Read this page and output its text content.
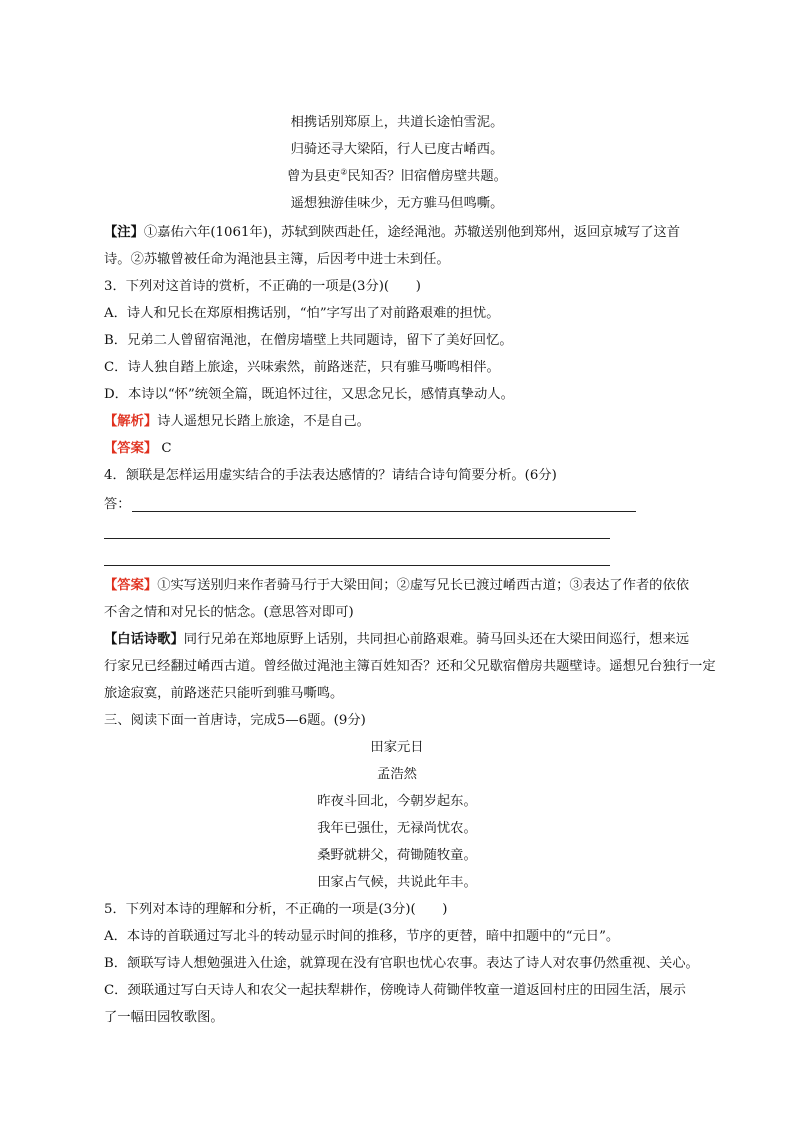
相携话别郑原上，共道长途怕雪泥。
归骑还寻大梁陌，行人已度古崤西。
曾为县吏②民知否？旧宿僧房壁共题。
遥想独游佳味少，无方骓马但鸣嘶。
【注】①嘉佑六年(1061年)，苏轼到陕西赴任，途经渑池。苏辙送别他到郑州，返回京城写了这首
诗。②苏辙曾被任命为渑池县主簿，后因考中进士未到任。
3．下列对这首诗的赏析，不正确的一项是(3分)(　　)
A．诗人和兄长在郑原相携话别，“怕”字写出了对前路艰难的担忧。
B．兄弟二人曾留宿渑池，在僧房墙壁上共同题诗，留下了美好回忆。
C．诗人独自踏上旅途，兴味索然，前路迷茫，只有骓马嘶鸣相伴。
D．本诗以“怀”统领全篇，既追怀过往，又思念兄长，感情真挚动人。
【解析】诗人遥想兄长踏上旅途，不是自己。
【答案】 C
4．颔联是怎样运用虚实结合的手法表达感情的？请结合诗句简要分析。(6分)
答：
【答案】①实写送别归来作者骑马行于大梁田间；②虚写兄长已渡过崤西古道；③表达了作者的依依
不舍之情和对兄长的惦念。(意思答对即可)
【白话诗歌】同行兄弟在郑地原野上话别，共同担心前路艰难。骑马回头还在大梁田间巡行，想来远
行家兄已经翻过崤西古道。曾经做过渑池主簿百姓知否？还和父兄歇宿僧房共题壁诗。遥想兄台独行一定
旅途寂寞，前路迷茫只能听到骓马嘶鸣。
三、阅读下面一首唐诗，完成5—6题。(9分)
田家元日
孟浩然
昨夜斗回北，今朝岁起东。
我年已强仕，无禄尚忧农。
桑野就耕父，荷锄随牧童。
田家占气候，共说此年丰。
5．下列对本诗的理解和分析，不正确的一项是(3分)(　　)
A．本诗的首联通过写北斗的转动显示时间的推移，节序的更替，暗中扣题中的“元日”。
B．颔联写诗人想勉强进入仕途，就算现在没有官职也忧心农事。表达了诗人对农事仍然重视、关心。
C．颈联通过写白天诗人和农父一起扶犁耕作，傍晚诗人荷锄伴牧童一道返回村庄的田园生活，展示
了一幅田园牧歌图。
